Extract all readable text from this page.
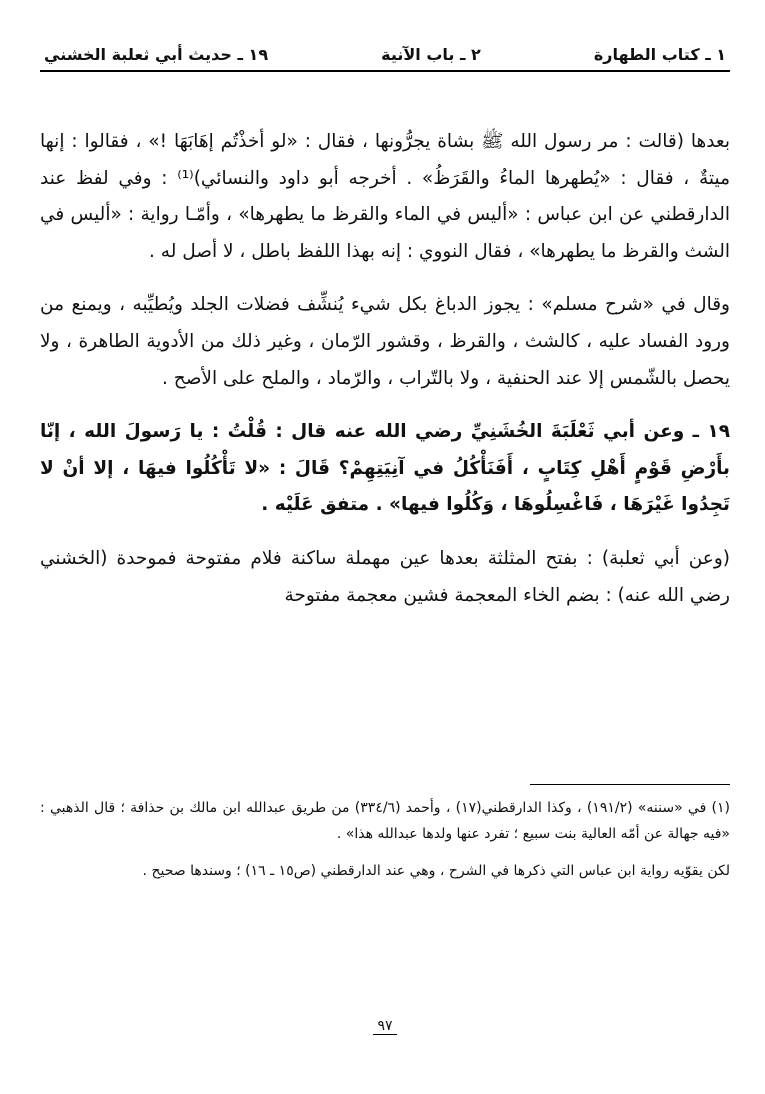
١ ـ كتاب الطهارة
٢ ـ باب الآنية
١٩ ـ حديث أبي ثعلبة الخشني

بعدها (قالت : مر رسول الله ﷺ بشاة يجرُّونها ، فقال : «لو أخذْتُم إهَابَهَا !» ، فقالوا : إنها ميتةٌ ، فقال : «يُطهرها الماءُ والقَرَظُ» . أخرجه أبو داود والنسائي)⁽¹⁾ : وفي لفظ عند الدارقطني عن ابن عباس : «أليس في الماء والقرظ ما يطهرها» ، وأمّـا رواية : «أليس في الشث والقرظ ما يطهرها» ، فقال النووي : إنه بهذا اللفظ باطل ، لا أصل له .

وقال في «شرح مسلم» : يجوز الدباغ بكل شيء يُنشِّف فضلات الجلد ويُطيِّبه ، ويمنع من ورود الفساد عليه ، كالشث ، والقرظ ، وقشور الرّمان ، وغير ذلك من الأدوية الطاهرة ، ولا يحصل بالشّمس إلا عند الحنفية ، ولا بالتّراب ، والرّماد ، والملح على الأصح .

١٩ ـ وعن أبي ثَعْلَبَةَ الخُشَنِيِّ رضي الله عنه قال : قُلْتُ : يا رَسولَ الله ، إنّا بأَرْضِ قَوْمٍ أَهْلِ كِتَابٍ ، أَفَنَأْكُلُ في آنِيَتِهِمْ؟ قَالَ : «لا تَأْكُلُوا فيهَا ، إلا أنْ لا تَجِدُوا غَيْرَهَا ، فَاغْسِلُوهَا ، وَكُلُوا فيها» . متفق عَلَيْه .

(وعن أبي ثعلبة) : بفتح المثلثة بعدها عين مهملة ساكنة فلام مفتوحة فموحدة (الخشني رضي الله عنه) : بضم الخاء المعجمة فشين معجمة مفتوحة

(١) في «سننه» (١٩١/٢) ، وكذا الدارقطني(١٧) ، وأحمد (٣٣٤/٦) من طريق عبدالله ابن مالك بن حذافة ؛ قال الذهبي : «فيه جهالة عن أمّه العالية بنت سبيع ؛ تفرد عنها ولدها عبدالله هذا» .

لكن يقوّيه رواية ابن عباس التي ذكرها في الشرح ، وهي عند الدارقطني (ص١٥ ـ ١٦) ؛ وسندها صحيح .

٩٧
